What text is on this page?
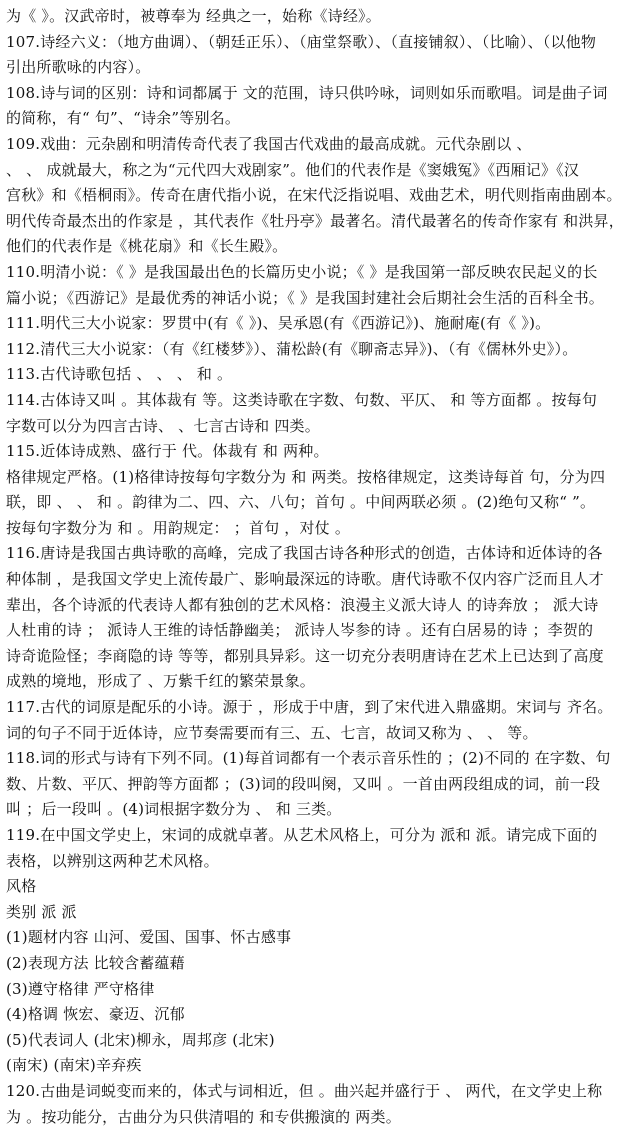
为《 》。汉武帝时，被尊奉为 经典之一，始称《诗经》。
107.诗经六义：（地方曲调）、（朝廷正乐）、（庙堂祭歌）、（直接铺叙）、（比喻）、（以他物
引出所歌咏的内容）。
108.诗与词的区别：诗和词都属于 文的范围，诗只供吟咏，词则如乐而歌唱。词是曲子词
的简称，有“ 句”、“诗余”等别名。
109.戏曲：元杂剧和明清传奇代表了我国古代戏曲的最高成就。元代杂剧以 、
、 、 成就最大，称之为“元代四大戏剧家”。他们的代表作是《窦娥冤》《西厢记》《汉
宫秋》和《梧桐雨》。传奇在唐代指小说，在宋代泛指说唱、戏曲艺术，明代则指南曲剧本。
明代传奇最杰出的作家是 ，其代表作《牡丹亭》最著名。清代最著名的传奇作家有 和洪昇，
他们的代表作是《桃花扇》和《长生殿》。
110.明清小说：《 》是我国最出色的长篇历史小说；《 》是我国第一部反映农民起义的长
篇小说；《西游记》是最优秀的神话小说；《 》是我国封建社会后期社会生活的百科全书。
111.明代三大小说家：罗贯中(有《 》)、吴承恩(有《西游记》)、施耐庵(有《 》)。
112.清代三大小说家：（有《红楼梦》）、蒲松龄(有《聊斋志异》)、（有《儒林外史》）。
113.古代诗歌包括 、 、 、 和 。
114.古体诗又叫 。其体裁有 等。这类诗歌在字数、句数、平仄、 和 等方面都 。按每句
字数可以分为四言古诗、 、七言古诗和 四类。
115.近体诗成熟、盛行于 代。体裁有 和 两种。
格律规定严格。(1)格律诗按每句字数分为 和 两类。按格律规定，这类诗每首 句，分为四
联，即 、 、 和 。韵律为二、四、六、八句；首句 。中间两联必须 。(2)绝句又称“ ”。
按每句字数分为 和 。用韵规定： ；首句 ，对仗 。
116.唐诗是我国古典诗歌的高峰，完成了我国古诗各种形式的创造，古体诗和近体诗的各
种体制 ，是我国文学史上流传最广、影响最深远的诗歌。唐代诗歌不仅内容广泛而且人才
辈出，各个诗派的代表诗人都有独创的艺术风格：浪漫主义派大诗人 的诗奔放 ； 派大诗
人杜甫的诗 ； 派诗人王维的诗恬静幽美； 派诗人岑参的诗 。还有白居易的诗 ；李贺的
诗奇诡险怪；李商隐的诗 等等，都别具异彩。这一切充分表明唐诗在艺术上已达到了高度
成熟的境地，形成了 、万紫千红的繁荣景象。
117.古代的词原是配乐的小诗。源于 ，形成于中唐，到了宋代进入鼎盛期。宋词与 齐名。
词的句子不同于近体诗，应节奏需要而有三、五、七言，故词又称为 、 、 等。
118.词的形式与诗有下列不同。(1)每首词都有一个表示音乐性的 ；(2)不同的 在字数、句
数、片数、平仄、押韵等方面都 ；(3)词的段叫阕，又叫 。一首由两段组成的词，前一段
叫 ；后一段叫 。(4)词根据字数分为 、 和 三类。
119.在中国文学史上，宋词的成就卓著。从艺术风格上，可分为 派和 派。请完成下面的
表格，以辨别这两种艺术风格。
风格
类别 派 派
(1)题材内容 山河、爱国、国事、怀古感事
(2)表现方法 比较含蓄蕴藉
(3)遵守格律 严守格律
(4)格调 恢宏、豪迈、沉郁
(5)代表词人 (北宋)柳永，周邦彦 (北宋)
(南宋) (南宋)辛弃疾
120.古曲是词蜕变而来的，体式与词相近，但 。曲兴起并盛行于 、 两代，在文学史上称
为 。按功能分，古曲分为只供清唱的 和专供搬演的 两类。
